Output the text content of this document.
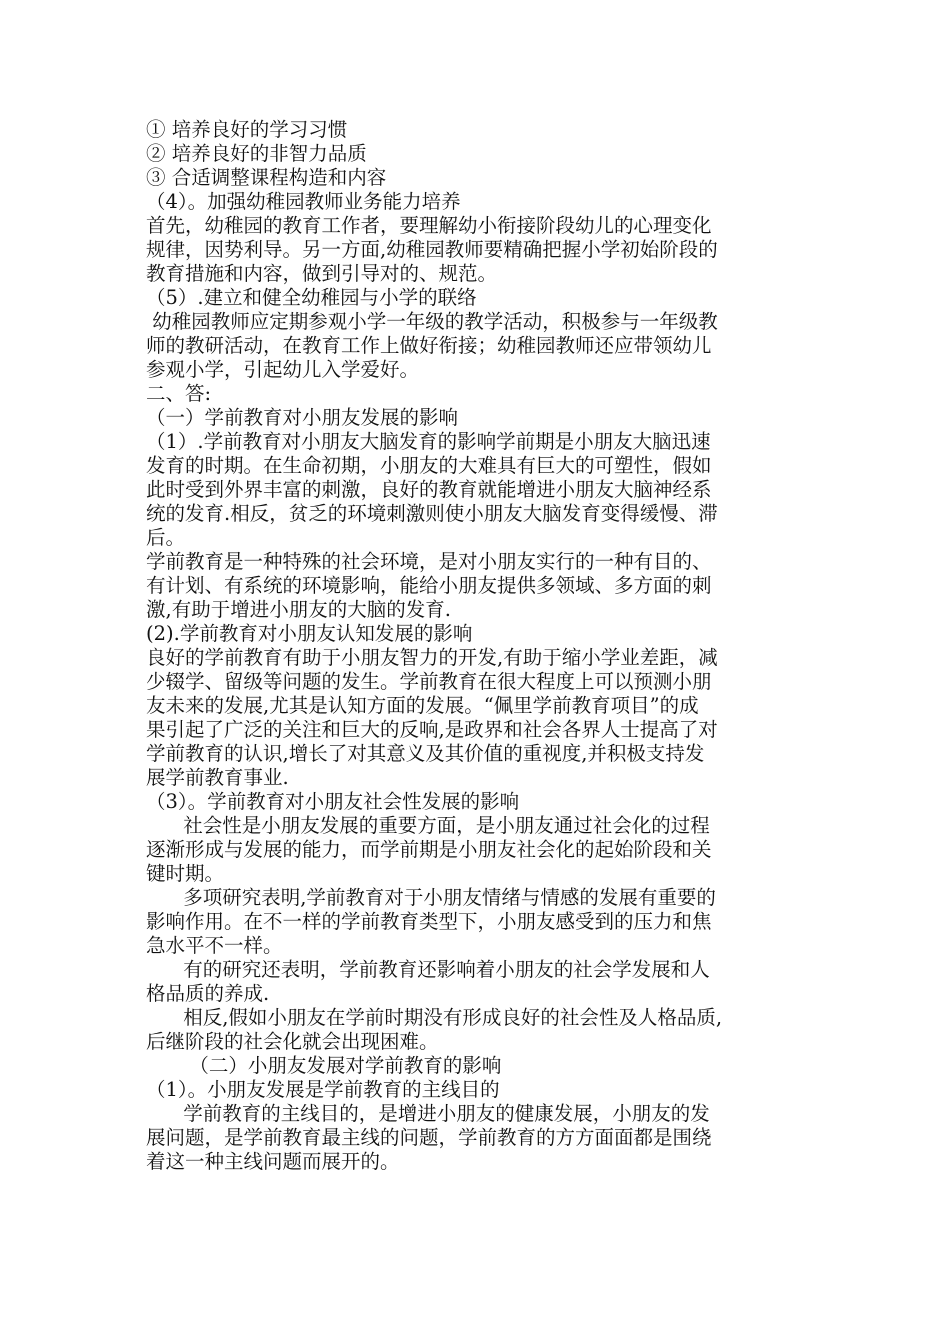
① 培养良好的学习习惯

② 培养良好的非智力品质

③ 合适调整课程构造和内容

（4）。加强幼稚园教师业务能力培养

首先，幼稚园的教育工作者，要理解幼小衔接阶段幼儿的心理变化

规律，因势利导。另一方面,幼稚园教师要精确把握小学初始阶段的

教育措施和内容，做到引导对的、规范。

（5）.建立和健全幼稚园与小学的联络

幼稚园教师应定期参观小学一年级的教学活动，积极参与一年级教

师的教研活动，在教育工作上做好衔接；幼稚园教师还应带领幼儿

参观小学，引起幼儿入学爱好。

二、答:

（一）学前教育对小朋友发展的影响

（1）.学前教育对小朋友大脑发育的影响学前期是小朋友大脑迅速

发育的时期。在生命初期，小朋友的大难具有巨大的可塑性，假如

此时受到外界丰富的刺激，良好的教育就能增进小朋友大脑神经系

统的发育.相反，贫乏的环境刺激则使小朋友大脑发育变得缓慢、滞

后。

学前教育是一种特殊的社会环境，是对小朋友实行的一种有目的、

有计划、有系统的环境影响，能给小朋友提供多领域、多方面的刺

激,有助于增进小朋友的大脑的发育.

(2).学前教育对小朋友认知发展的影响

良好的学前教育有助于小朋友智力的开发,有助于缩小学业差距，减

少辍学、留级等问题的发生。学前教育在很大程度上可以预测小朋

友未来的发展,尤其是认知方面的发展。“佩里学前教育项目”的成

果引起了广泛的关注和巨大的反响,是政界和社会各界人士提高了对

学前教育的认识,增长了对其意义及其价值的重视度,并积极支持发

展学前教育事业.

（3）。学前教育对小朋友社会性发展的影响

社会性是小朋友发展的重要方面，是小朋友通过社会化的过程

逐渐形成与发展的能力，而学前期是小朋友社会化的起始阶段和关

键时期。

多项研究表明,学前教育对于小朋友情绪与情感的发展有重要的

影响作用。在不一样的学前教育类型下，小朋友感受到的压力和焦

急水平不一样。

有的研究还表明，学前教育还影响着小朋友的社会学发展和人

格品质的养成.

相反,假如小朋友在学前时期没有形成良好的社会性及人格品质,

后继阶段的社会化就会出现困难。

（二）小朋友发展对学前教育的影响

（1）。小朋友发展是学前教育的主线目的

学前教育的主线目的，是增进小朋友的健康发展，小朋友的发

展问题，是学前教育最主线的问题，学前教育的方方面面都是围绕

着这一种主线问题而展开的。
